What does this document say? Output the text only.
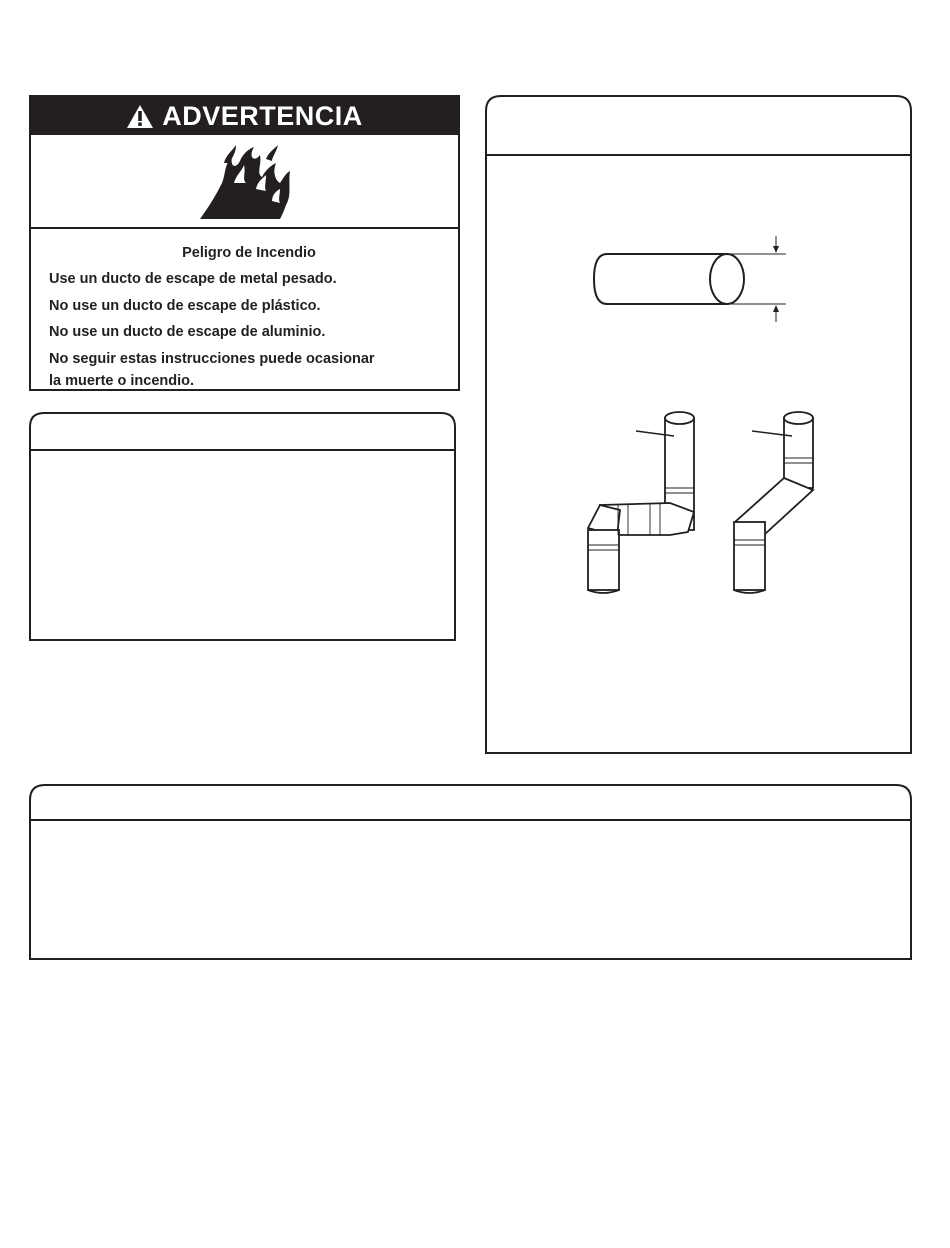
ADVERTENCIA
Peligro de Incendio
Use un ducto de escape de metal pesado.
No use un ducto de escape de plástico.
No use un ducto de escape de aluminio.
No seguir estas instrucciones puede ocasionar
la muerte o incendio.
